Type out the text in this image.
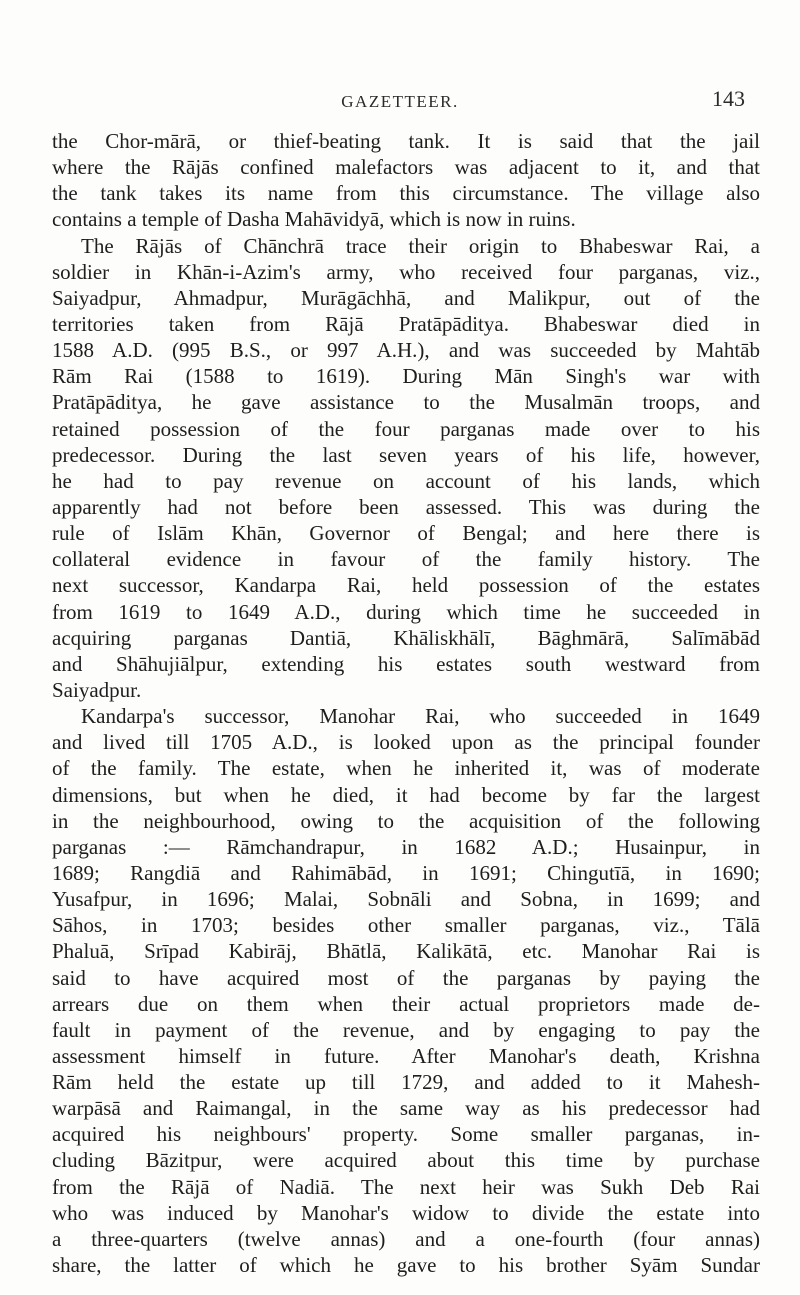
GAZETTEER.	143
the Chor-mārā, or thief-beating tank. It is said that the jail
where the Rājās confined malefactors was adjacent to it, and that
the tank takes its name from this circumstance. The village also
contains a temple of Dasha Mahāvidyā, which is now in ruins.
The Rājās of Chānchrā trace their origin to Bhabeswar Rai, a
soldier in Khān-i-Azim's army, who received four parganas, viz.,
Saiyadpur, Ahmadpur, Murāgāchhā, and Malikpur, out of the
territories taken from Rājā Pratāpādityа. Bhabeswar died in
1588 A.D. (995 B.S., or 997 A.H.), and was succeeded by Mahtāb
Rām Rai (1588 to 1619). During Mān Singh's war with
Pratāpāditya, he gave assistance to the Musalmān troops, and
retained possession of the four parganas made over to his
predecessor. During the last seven years of his life, however,
he had to pay revenue on account of his lands, which
apparently had not before been assessed. This was during the
rule of Islām Khān, Governor of Bengal; and here there is
collateral evidence in favour of the family history. The
next successor, Kandarpa Rai, held possession of the estates
from 1619 to 1649 A.D., during which time he succeeded in
acquiring parganas Dantiā, Khāliskhālī, Bāghmārā, Salīmābād
and Shāhujiālpur, extending his estates south westward from
Saiyadpur.
Kandarpa's successor, Manohar Rai, who succeeded in 1649
and lived till 1705 A.D., is looked upon as the principal founder
of the family. The estate, when he inherited it, was of moderate
dimensions, but when he died, it had become by far the largest
in the neighbourhood, owing to the acquisition of the following
parganas :— Rāmchandrapur, in 1682 A.D.; Husainpur, in
1689; Rangdiā and Rahimābād, in 1691; Chingutīā, in 1690;
Yusafpur, in 1696; Malai, Sobnāli and Sobna, in 1699; and
Sāhos, in 1703; besides other smaller parganas, viz., Tālā
Phaluā, Srīpad Kabirāj, Bhātlā, Kalikātā, etc. Manohar Rai is
said to have acquired most of the parganas by paying the
arrears due on them when their actual proprietors made de-
fault in payment of the revenue, and by engaging to pay the
assessment himself in future. After Manohar's death, Krishna
Rām held the estate up till 1729, and added to it Mahesh-
warpāsā and Raimangal, in the same way as his predecessor had
acquired his neighbours' property. Some smaller parganas, in-
cluding Bāzitpur, were acquired about this time by purchase
from the Rājā of Nadiā. The next heir was Sukh Deb Rai
who was induced by Manohar's widow to divide the estate into
a three-quarters (twelve annas) and a one-fourth (four annas)
share, the latter of which he gave to his brother Syām Sundar
